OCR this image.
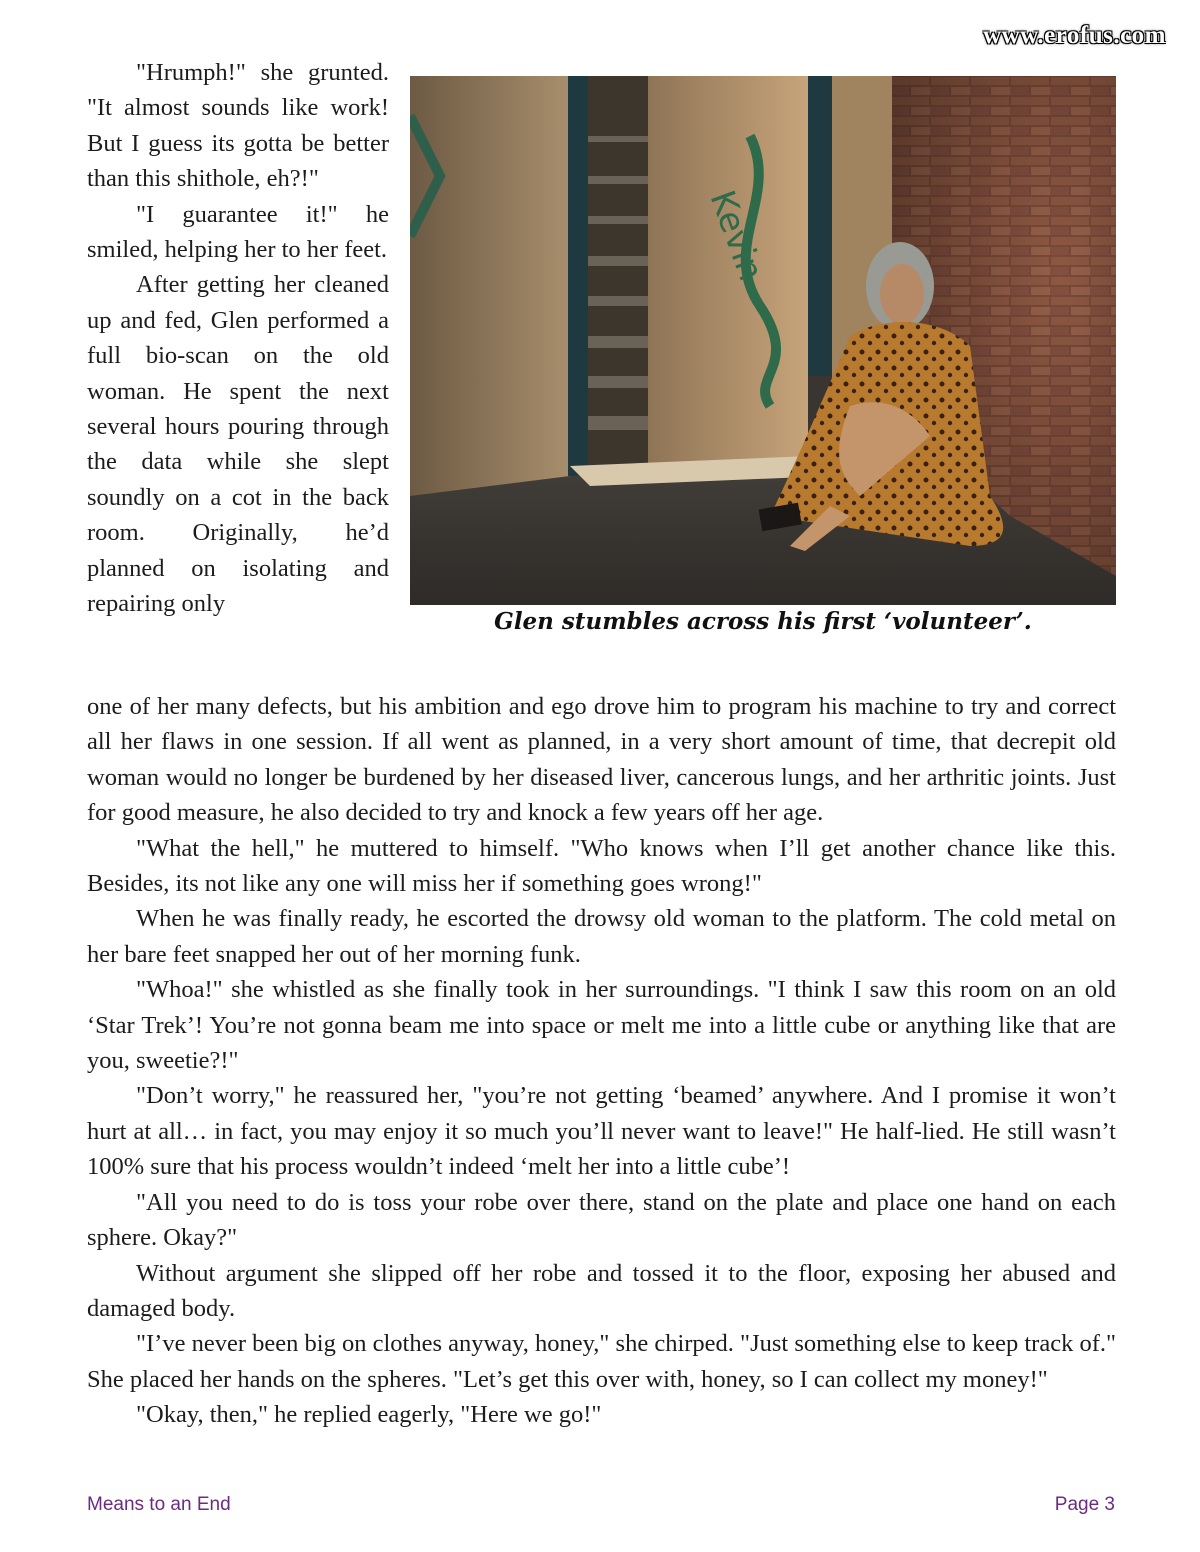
www.erofus.com
Kevin
Glen stumbles across his first ‘volunteer’.

"Hrumph!" she grunted. "It almost sounds like work! But I guess its gotta be better than this shithole, eh?!"

"I guarantee it!" he smiled, helping her to her feet.

After getting her cleaned up and fed, Glen performed a full bio-scan on the old woman. He spent the next several hours pouring through the data while she slept soundly on a cot in the back room. Originally, he’d planned on isolating and repairing only

one of her many defects, but his ambition and ego drove him to program his machine to try and correct all her flaws in one session. If all went as planned, in a very short amount of time, that decrepit old woman would no longer be burdened by her diseased liver, cancerous lungs, and her arthritic joints. Just for good measure, he also decided to try and knock a few years off her age.

"What the hell," he muttered to himself. "Who knows when I’ll get another chance like this. Besides, its not like any one will miss her if something goes wrong!"

When he was finally ready, he escorted the drowsy old woman to the platform. The cold metal on her bare feet snapped her out of her morning funk.

"Whoa!" she whistled as she finally took in her surroundings. "I think I saw this room on an old ‘Star Trek’! You’re not gonna beam me into space or melt me into a little cube or anything like that are you, sweetie?!"

"Don’t worry," he reassured her, "you’re not getting ‘beamed’ anywhere. And I promise it won’t hurt at all… in fact, you may enjoy it so much you’ll never want to leave!" He half-lied. He still wasn’t 100% sure that his process wouldn’t indeed ‘melt her into a little cube’!

"All you need to do is toss your robe over there, stand on the plate and place one hand on each sphere. Okay?"

Without argument she slipped off her robe and tossed it to the floor, exposing her abused and damaged body.

"I’ve never been big on clothes anyway, honey," she chirped. "Just something else to keep track of." She placed her hands on the spheres. "Let’s get this over with, honey, so I can collect my money!"

"Okay, then," he replied eagerly, "Here we go!"

Means to an End	Page 3
